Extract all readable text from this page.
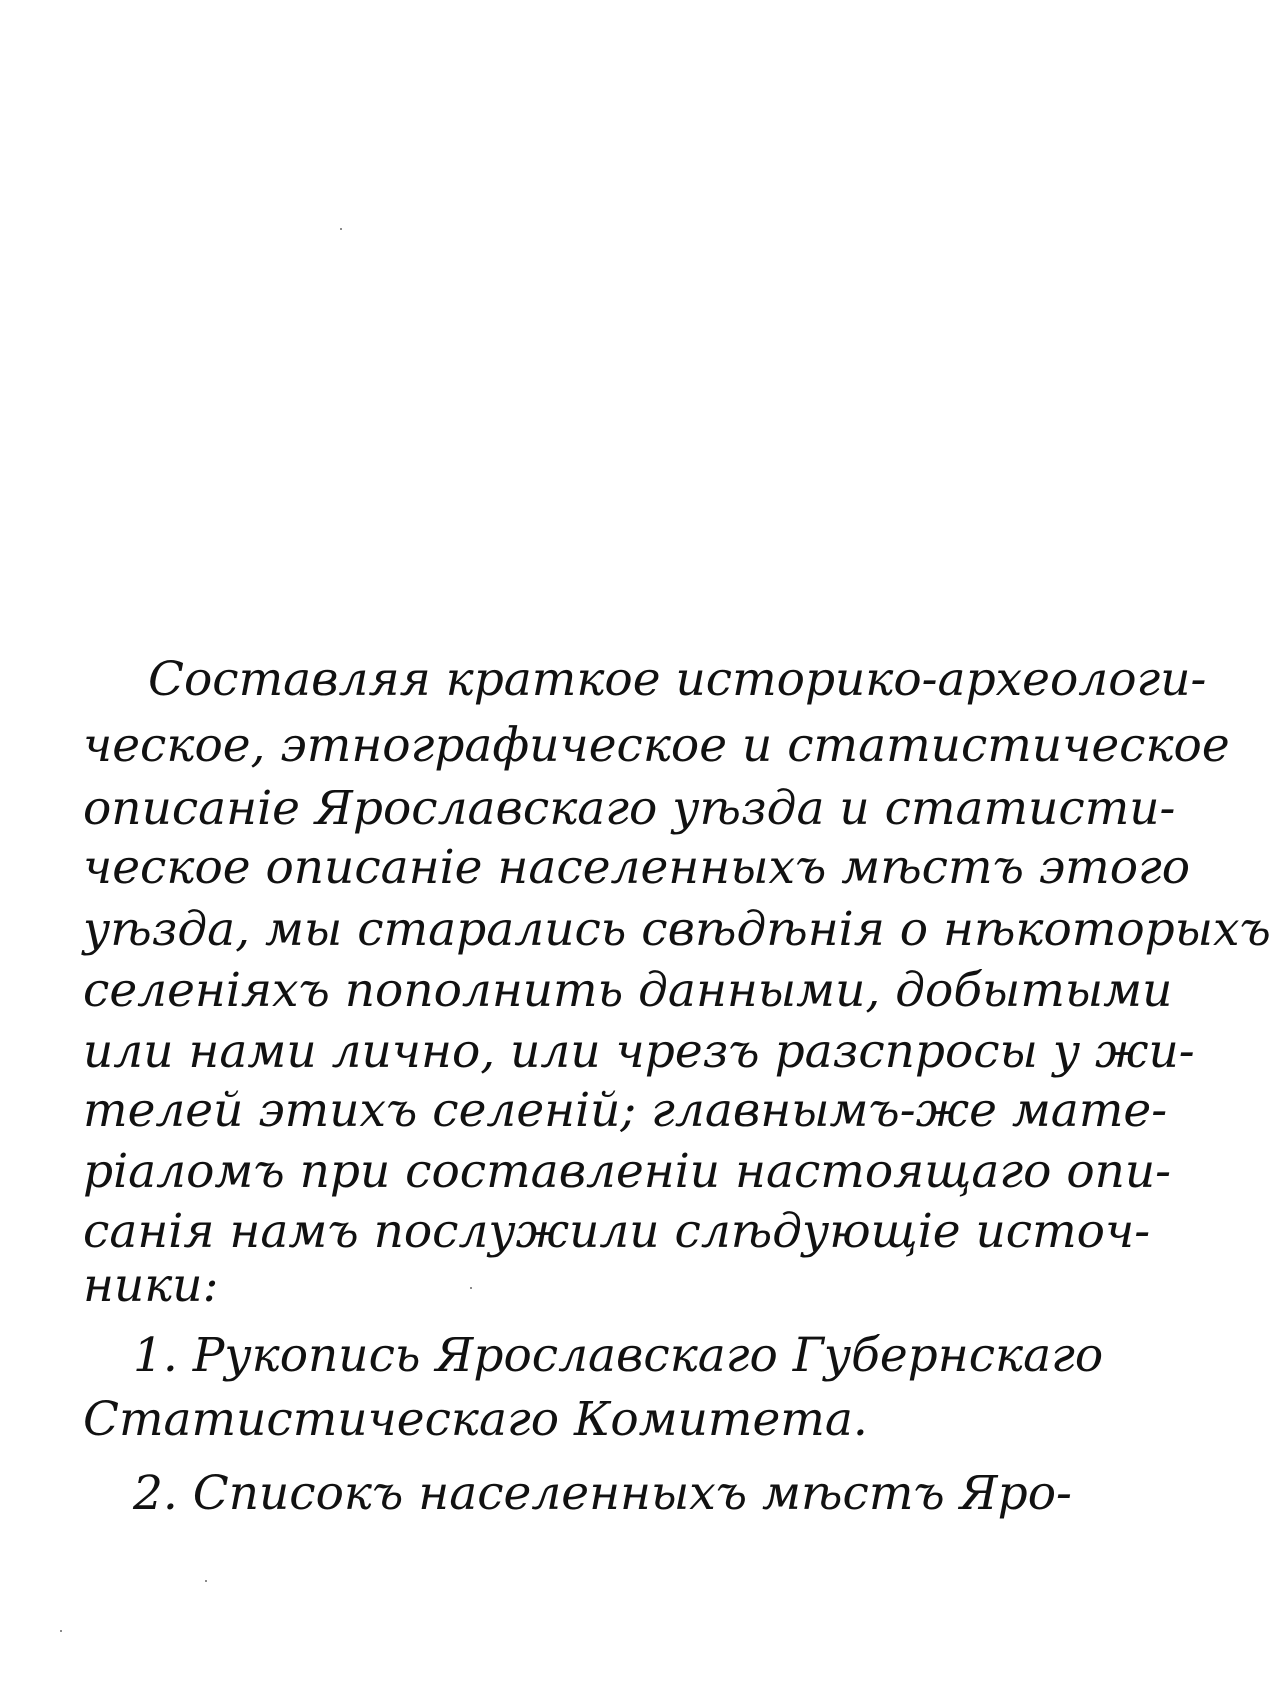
Составляя краткое историко-археологи-

ческое, этнографическое и статистическое

описанiе Ярославскаго уѣзда и статисти-

ческое описанiе населенныхъ мѣстъ этого

уѣзда, мы старались свѣдѣнiя о нѣкоторыхъ

селенiяхъ пополнить данными, добытыми

или нами лично, или чрезъ разспросы у жи-

телей этихъ селенiй; главнымъ-же мате-

рiаломъ при составленiи настоящаго опи-

санiя намъ послужили слѣдующiе источ-

ники:

1. Рукопись Ярославскаго Губернскаго

Статистическаго Комитета.

2. Списокъ населенныхъ мѣстъ Яро-
